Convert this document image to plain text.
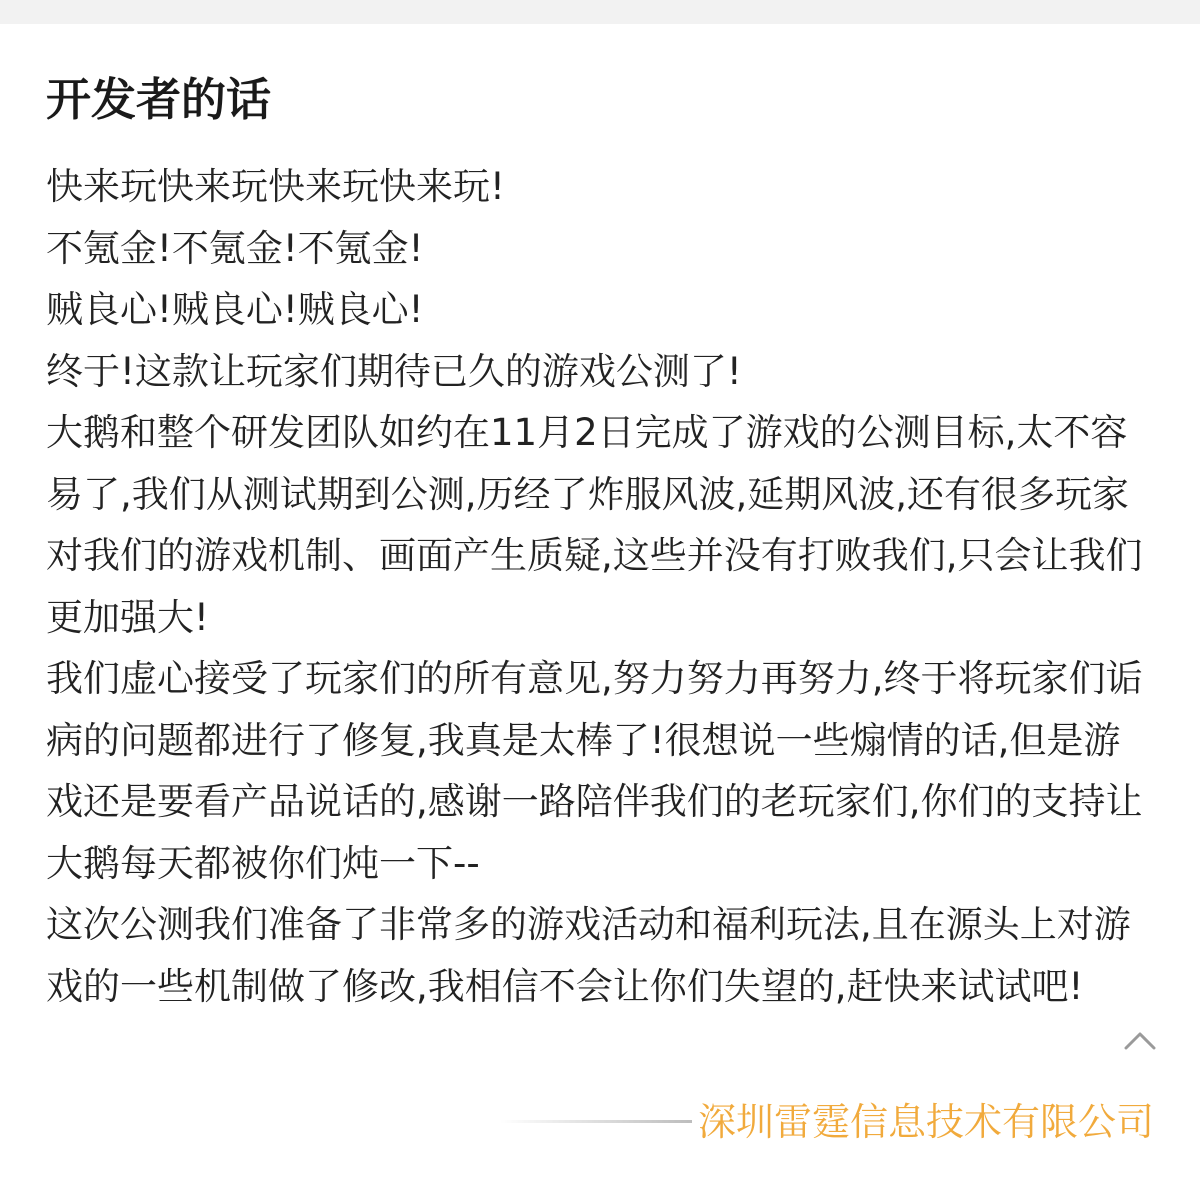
开发者的话

快来玩快来玩快来玩快来玩!

不氪金!不氪金!不氪金!

贼良心!贼良心!贼良心!

终于!这款让玩家们期待已久的游戏公测了!

大鹅和整个研发团队如约在11月2日完成了游戏的公测目标,太不容易了,我们从测试期到公测,历经了炸服风波,延期风波,还有很多玩家对我们的游戏机制、画面产生质疑,这些并没有打败我们,只会让我们更加强大!

我们虚心接受了玩家们的所有意见,努力努力再努力,终于将玩家们诟病的问题都进行了修复,我真是太棒了!很想说一些煽情的话,但是游戏还是要看产品说话的,感谢一路陪伴我们的老玩家们,你们的支持让大鹅每天都被你们炖一下--

这次公测我们准备了非常多的游戏活动和福利玩法,且在源头上对游戏的一些机制做了修改,我相信不会让你们失望的,赶快来试试吧!

深圳雷霆信息技术有限公司
